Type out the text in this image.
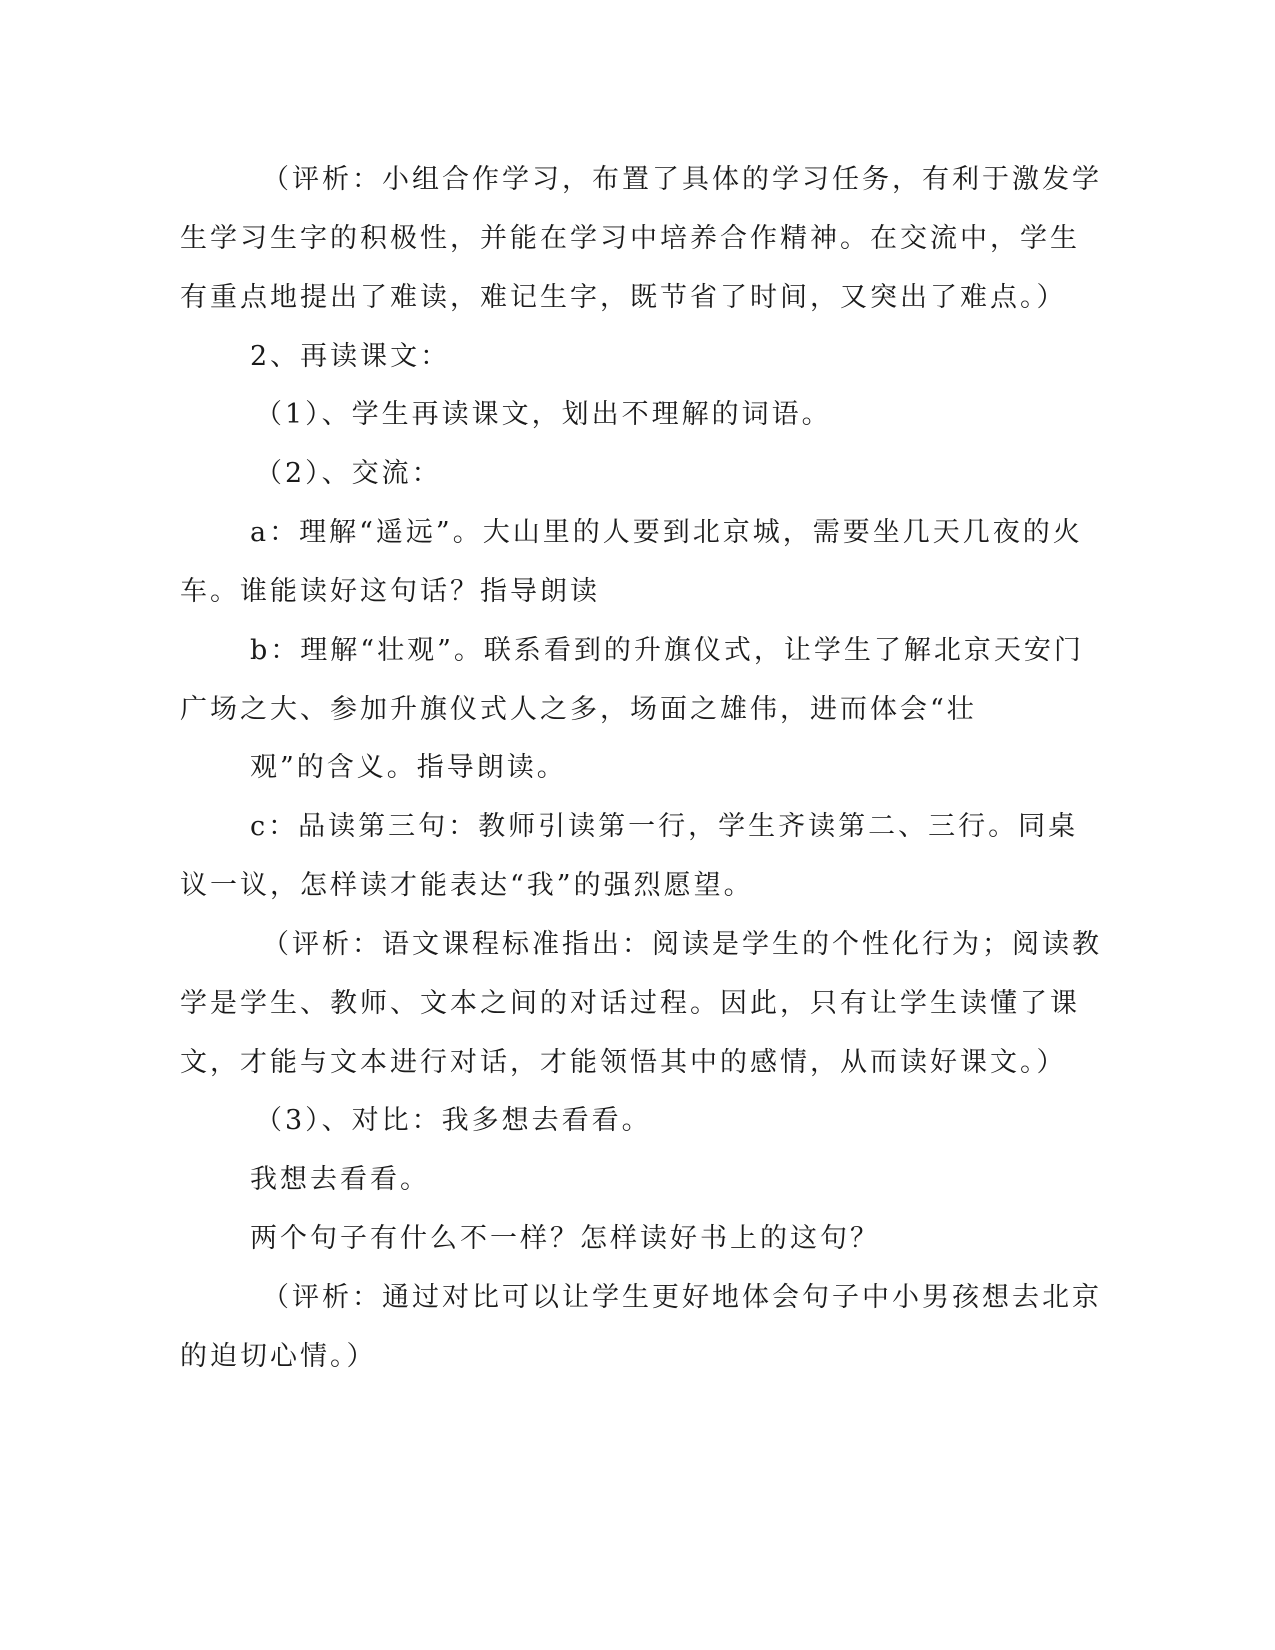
（评析：小组合作学习，布置了具体的学习任务，有利于激发学
生学习生字的积极性，并能在学习中培养合作精神。在交流中，学生
有重点地提出了难读，难记生字，既节省了时间，又突出了难点。）
2、再读课文：
（1）、学生再读课文，划出不理解的词语。
（2）、交流：
a：理解“遥远”。大山里的人要到北京城，需要坐几天几夜的火
车。谁能读好这句话？指导朗读
b：理解“壮观”。联系看到的升旗仪式，让学生了解北京天安门
广场之大、参加升旗仪式人之多，场面之雄伟，进而体会“壮
观”的含义。指导朗读。
c：品读第三句：教师引读第一行，学生齐读第二、三行。同桌
议一议，怎样读才能表达“我”的强烈愿望。
（评析：语文课程标准指出：阅读是学生的个性化行为；阅读教
学是学生、教师、文本之间的对话过程。因此，只有让学生读懂了课
文，才能与文本进行对话，才能领悟其中的感情，从而读好课文。）
（3）、对比：我多想去看看。
我想去看看。
两个句子有什么不一样？怎样读好书上的这句？
（评析：通过对比可以让学生更好地体会句子中小男孩想去北京
的迫切心情。）
